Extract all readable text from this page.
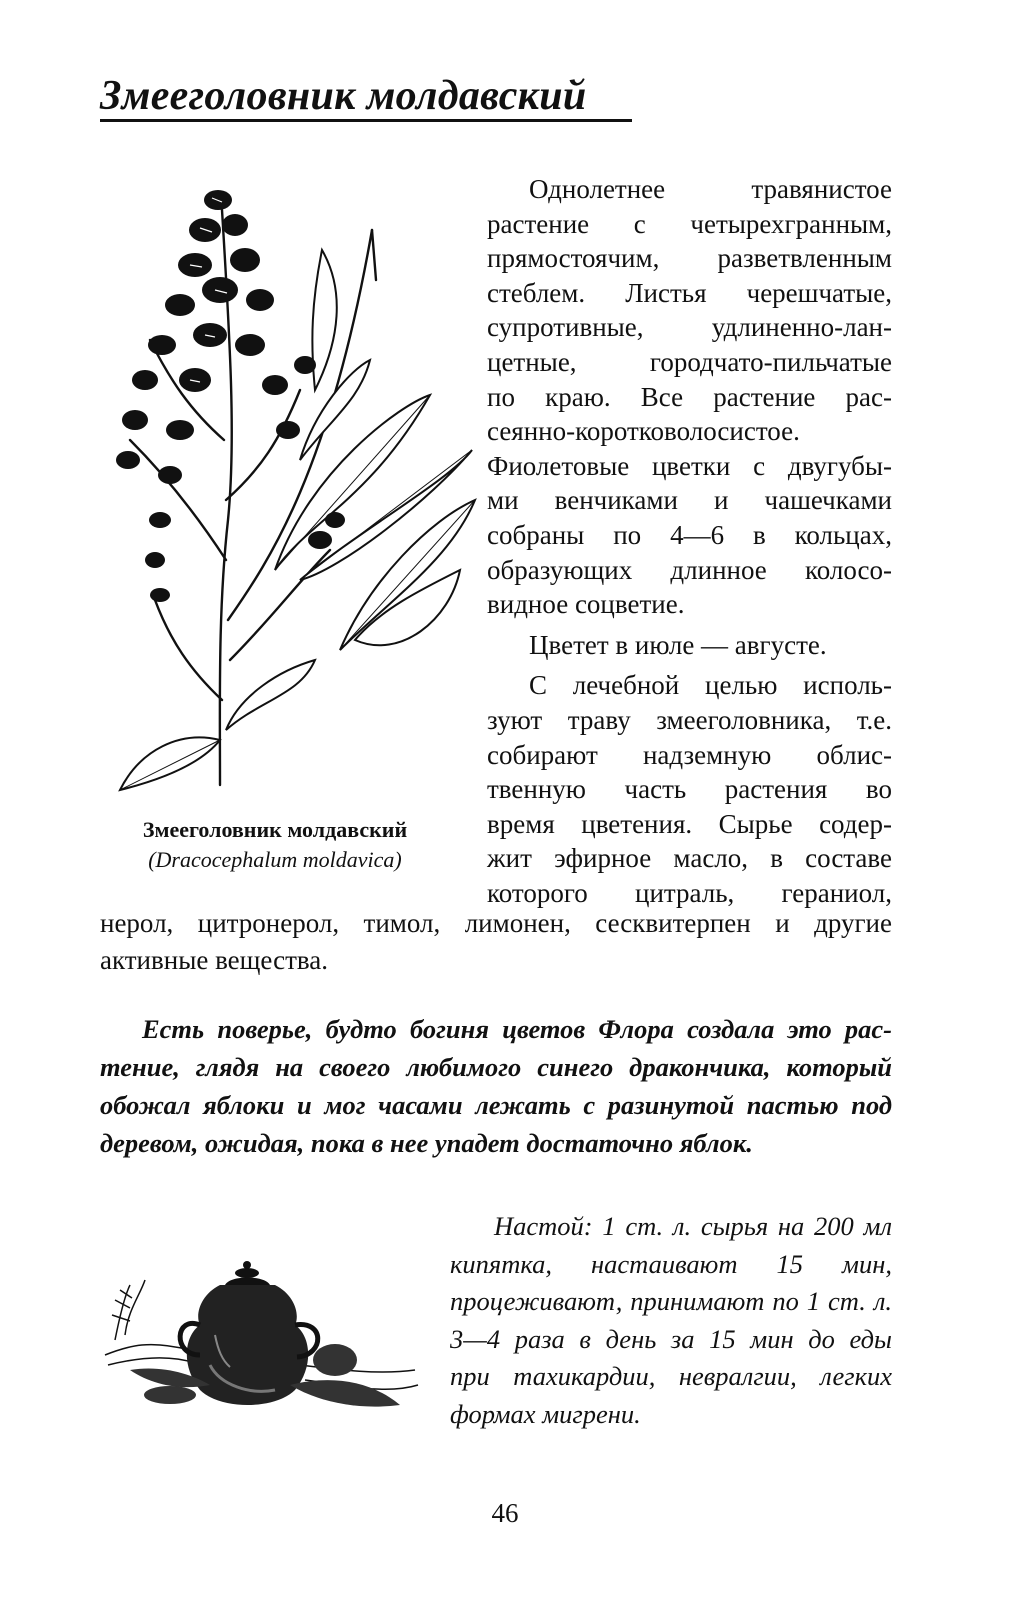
Змееголовник молдавский
Змееголовник молдавский
(Dracocephalum moldavica)
Однолетнее травянистое
растение с четырехгранным,
прямостоячим, разветвленным
стеблем. Листья черешчатые,
супротивные, удлиненно-лан-
цетные, городчато-пильчатые
по краю. Все растение рас-
сеянно-коротковолосистое.
Фиолетовые цветки с двугубы-
ми венчиками и чашечками
собраны по 4—6 в кольцах,
образующих длинное колосо-
видное соцветие.
Цветет в июле — августе.
С лечебной целью исполь-
зуют траву змееголовника, т.е.
собирают надземную облис-
твенную часть растения во
время цветения. Сырье содер-
жит эфирное масло, в составе
которого цитраль, гераниол,
нерол, цитронерол, тимол, лимонен, сесквитерпен и другие
активные вещества.
Есть поверье, будто богиня цветов Флора создала это рас-
тение, глядя на своего любимого синего дракончика, который
обожал яблоки и мог часами лежать с разинутой пастью под
деревом, ожидая, пока в нее упадет достаточно яблок.
Настой: 1 ст. л. сырья на 200 мл
кипятка, настаивают 15 мин,
процеживают, принимают по 1 ст. л.
3—4 раза в день за 15 мин до еды
при тахикардии, невралгии, легких
формах мигрени.
46
